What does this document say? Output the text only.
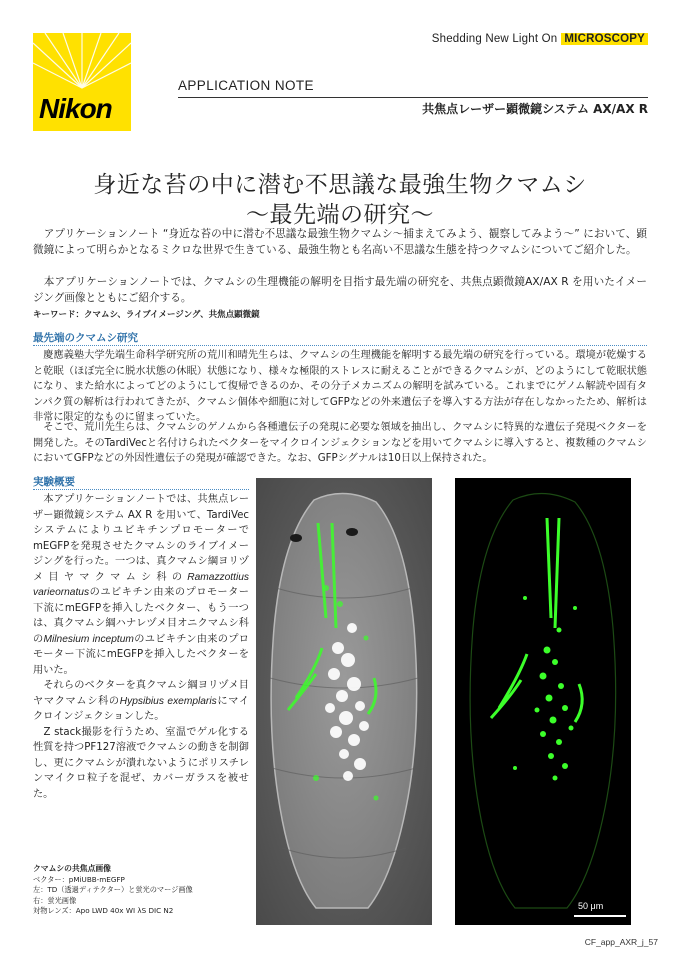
Nikon
Shedding New Light On MICROSCOPY
APPLICATION NOTE
共焦点レーザー顕微鏡システム AX/AX R
身近な苔の中に潜む不思議な最強生物クマムシ
～最先端の研究～

　アプリケーションノート “身近な苔の中に潜む不思議な最強生物クマムシ～捕まえてみよう、観察してみよう～” において、顕微鏡によって明らかとなるミクロな世界で生きている、最強生物とも名高い不思議な生態を持つクマムシについてご紹介した。

　本アプリケーションノートでは、クマムシの生理機能の解明を目指す最先端の研究を、共焦点顕微鏡AX/AX R を用いたイメージング画像とともにご紹介する。

キーワード：クマムシ、ライブイメージング、共焦点顕微鏡
最先端のクマムシ研究

　慶應義塾大学先端生命科学研究所の荒川和晴先生らは、クマムシの生理機能を解明する最先端の研究を行っている。環境が乾燥すると乾眠（ほぼ完全に脱水状態の休眠）状態になり、様々な極限的ストレスに耐えることができるクマムシが、どのようにして乾眠状態になり、また給水によってどのようにして復帰できるのか、その分子メカニズムの解明を試みている。これまでにゲノム解読や固有タンパク質の解析は行われてきたが、クマムシ個体や細胞に対してGFPなどの外来遺伝子を導入する方法が存在しなかったため、解析は非常に限定的なものに留まっていた。

　そこで、荒川先生らは、クマムシのゲノムから各種遺伝子の発現に必要な領域を抽出し、クマムシに特異的な遺伝子発現ベクターを開発した。そのTardiVecと名付けられたベクターをマイクロインジェクションなどを用いてクマムシに導入すると、複数種のクマムシにおいてGFPなどの外因性遺伝子の発現が確認できた。なお、GFPシグナルは10日以上保持された。

実験概要

　本アプリケーションノートでは、共焦点レーザー顕微鏡システム AX R を用いて、TardiVecシステムによりユビキチンプロモーターでmEGFPを発現させたクマムシのライブイメージングを行った。一つは、真クマムシ綱ヨリヅメ目ヤマクマムシ科のRamazzottius varieornatusのユビキチン由来のプロモーター下流にmEGFPを挿入したベクター、もう一つは、真クマムシ綱ハナレヅメ目オニクマムシ科のMilnesium inceptumのユビキチン由来のプロモーター下流にmEGFPを挿入したベクターを用いた。

　それらのベクターを真クマムシ綱ヨリヅメ目ヤマクマムシ科のHypsibius exemplarisにマイクロインジェクションした。

　Z stack撮影を行うため、室温でゲル化する性質を持つPF127溶液でクマムシの動きを制御し、更にクマムシが潰れないようにポリスチレンマイクロ粒子を混ぜ、カバーガラスを被せた。

クマムシの共焦点画像
ベクター：pMiUBB-mEGFP
左：TD（透過ディテクター）と蛍光のマージ画像
右：蛍光画像
対物レンズ：Apo LWD 40x WI λS DIC N2	50 μm
CF_app_AXR_j_57
